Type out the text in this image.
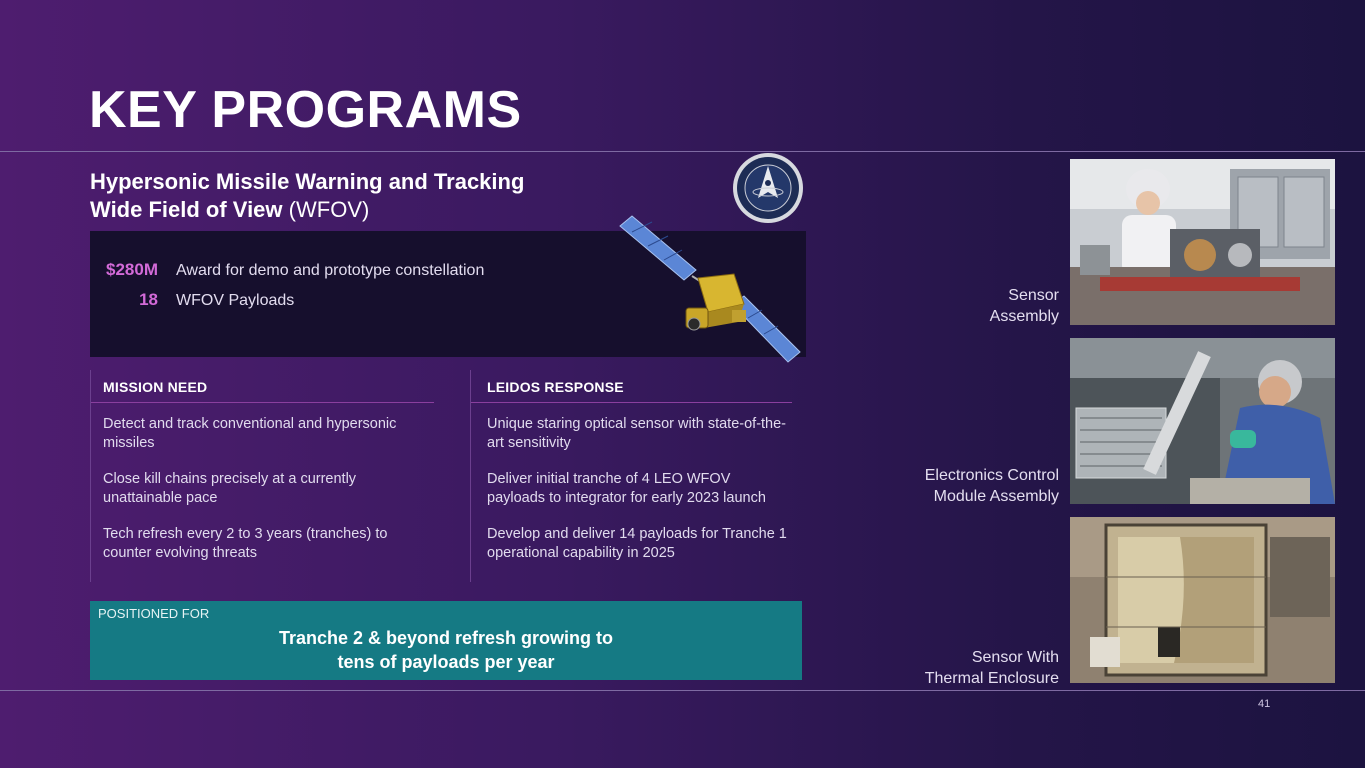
KEY PROGRAMS
Hypersonic Missile Warning and Tracking
Wide Field of View (WFOV)
$280M Award for demo and prototype constellation
18 WFOV Payloads
MISSION NEED
Detect and track conventional and hypersonic missiles
Close kill chains precisely at a currently unattainable pace
Tech refresh every 2 to 3 years (tranches) to counter evolving threats
LEIDOS RESPONSE
Unique staring optical sensor with state-of-the-art sensitivity
Deliver initial tranche of 4 LEO WFOV payloads to integrator for early 2023 launch
Develop and deliver 14 payloads for Tranche 1 operational capability in 2025
POSITIONED FOR
Tranche 2 & beyond refresh growing to
tens of payloads per year
Sensor
Assembly
Electronics Control
Module Assembly
Sensor With
Thermal Enclosure
41
